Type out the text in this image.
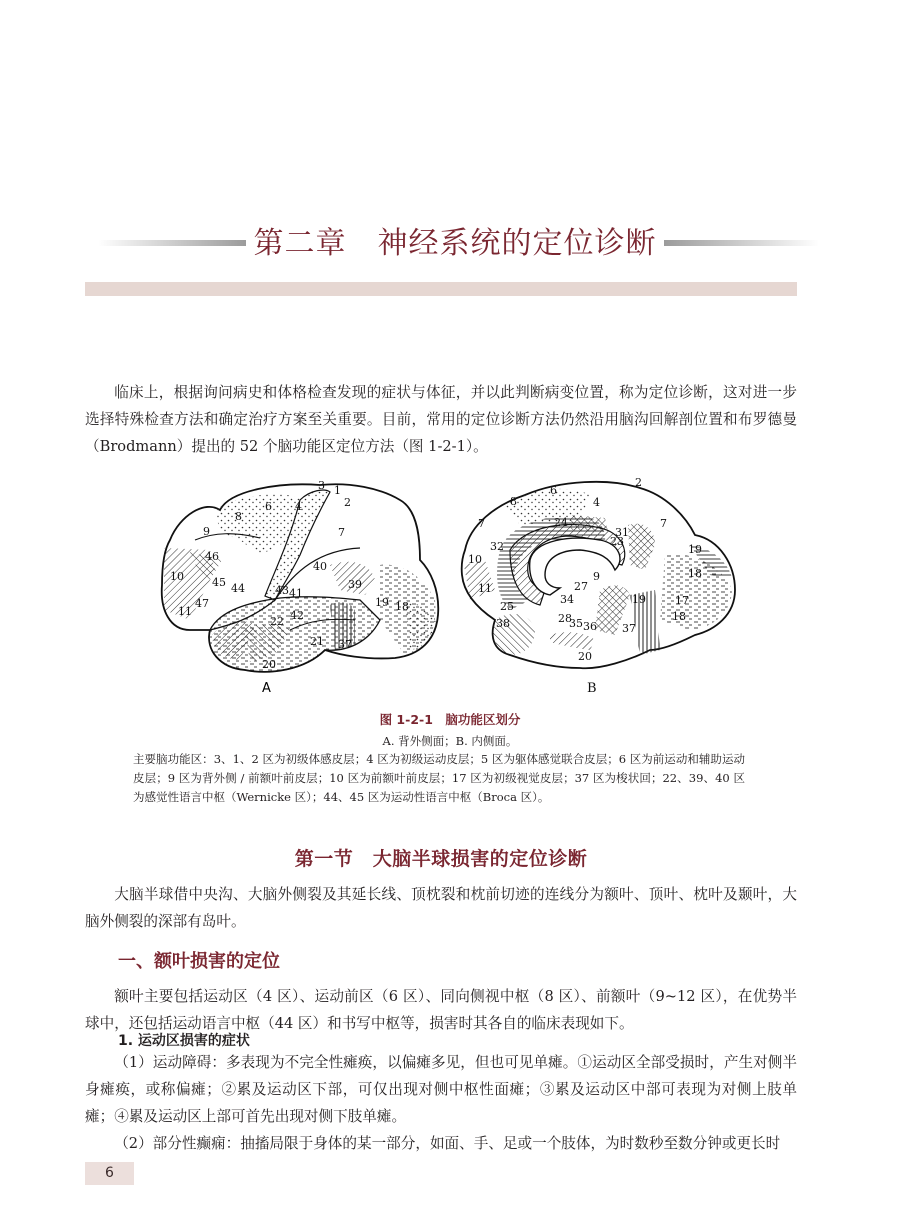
第二章　神经系统的定位诊断
临床上，根据询问病史和体格检查发现的症状与体征，并以此判断病变位置，称为定位诊断，这对进一步选择特殊检查方法和确定治疗方案至关重要。目前，常用的定位诊断方法仍然沿用脑沟回解剖位置和布罗德曼（Brodmann）提出的 52 个脑功能区定位方法（图 1-2-1）。
3 1
2
4
6
8
9	7
46
10	45 44	43
40
41
39
19 18
47
11	42
22
21 37
20
A
2
6
8	4
7	7
24
31
23
19
32
10
18
9
27
11
34	19	17
25
18
28
35 36
38	37
20
B
图 1-2-1　脑功能区划分
A. 背外侧面；B. 内侧面。
主要脑功能区：3、1、2 区为初级体感皮层；4 区为初级运动皮层；5 区为躯体感觉联合皮层；6 区为前运动和辅助运动皮层；9 区为背外侧 / 前额叶前皮层；10 区为前额叶前皮层；17 区为初级视觉皮层；37 区为梭状回；22、39、40 区为感觉性语言中枢（Wernicke 区）；44、45 区为运动性语言中枢（Broca 区）。
第一节　大脑半球损害的定位诊断
大脑半球借中央沟、大脑外侧裂及其延长线、顶枕裂和枕前切迹的连线分为额叶、顶叶、枕叶及颞叶，大脑外侧裂的深部有岛叶。
一、额叶损害的定位
额叶主要包括运动区（4 区）、运动前区（6 区）、同向侧视中枢（8 区）、前额叶（9~12 区），在优势半球中，还包括运动语言中枢（44 区）和书写中枢等，损害时其各自的临床表现如下。
1. 运动区损害的症状
（1）运动障碍：多表现为不完全性瘫痪，以偏瘫多见，但也可见单瘫。①运动区全部受损时，产生对侧半身瘫痪，或称偏瘫；②累及运动区下部，可仅出现对侧中枢性面瘫；③累及运动区中部可表现为对侧上肢单瘫；④累及运动区上部可首先出现对侧下肢单瘫。
（2）部分性癫痫：抽搐局限于身体的某一部分，如面、手、足或一个肢体，为时数秒至数分钟或更长时
6
